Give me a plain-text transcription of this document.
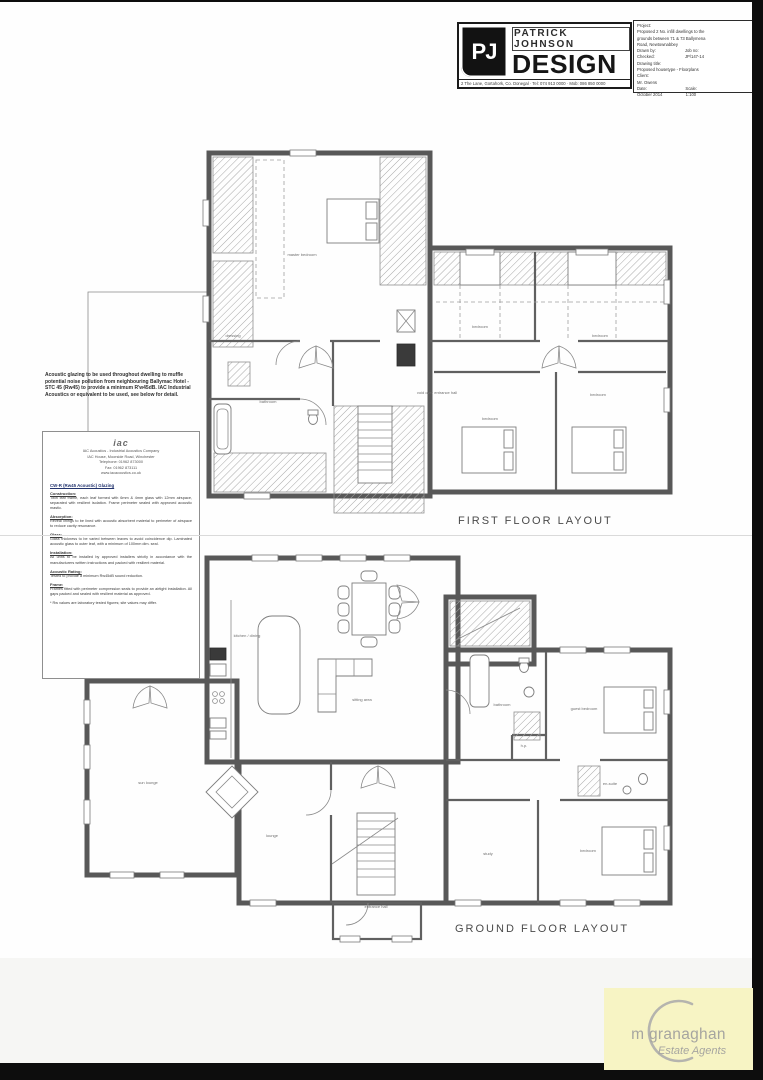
master bedroom
dressing
bathroom
bedroom
bedroom
bedroom
bedroom
void over entrance hall
FIRST FLOOR LAYOUT
kitchen / dining
sitting area
sun lounge
lounge
entrance hall
bathroom
guest bedroom
en-suite
bedroom
study
h.p.
GROUND FLOOR LAYOUT
PJ
PATRICK JOHNSON
DESIGN
2 The Lane, Gortahork, Co. Donegal · Tel: 074 913 0000 · Mob: 086 850 0000
Project:
Proposed 2 No. infill dwellings to the
grounds between 71 & 73 Ballymena
Road, Newtownabbey
Drawn by:                         Job no:
Checked:                          JP/147-14
Drawing title:
Proposed housetype - Floorplans
Client:
Mr. Owens
Date:                                 Scale:
October 2014                    1:100
Acoustic glazing to be used throughout dwelling to muffle potential noise pollution from neighbouring Ballymac Hotel - STC 45 (Rw45) to provide a minimum R'w45dB. IAC Industrial Acoustics or equivalent to be used, see below for detail.
iac
IAC Acoustics - Industrial Acoustics Company
IAC House, Moorside Road, Winchester
Telephone: 01962 873000
Fax: 01962 873111
www.iacacoustics.co.uk
CW-R (Rw45 Acoustic) Glazing
Construction:
Twin leaf frame, each leaf formed with 6mm & 4mm glass with 12mm airspace, separated with resilient isolation. Frame perimeter sealed with approved acoustic mastic.
Absorption:
Reveal linings to be lined with acoustic absorbent material to perimeter of airspace to reduce cavity resonance.
Glass thickness to be varied between leaves to avoid coincidence dip. Laminated acoustic glass to outer leaf, with a minimum of 100mm dim. seal.
Installation:
All units to be installed by approved installers strictly in accordance with the manufacturers written instructions and packed with resilient material.
Acoustic Rating:
Tested to provide a minimum Rw45dB sound reduction.
Frame:
Frames fitted with perimeter compression seals to provide an airtight installation. All gaps packed and sealed with resilient material as approved.
* Rw values are laboratory tested figures; site values may differ.
m granaghan
Estate Agents
